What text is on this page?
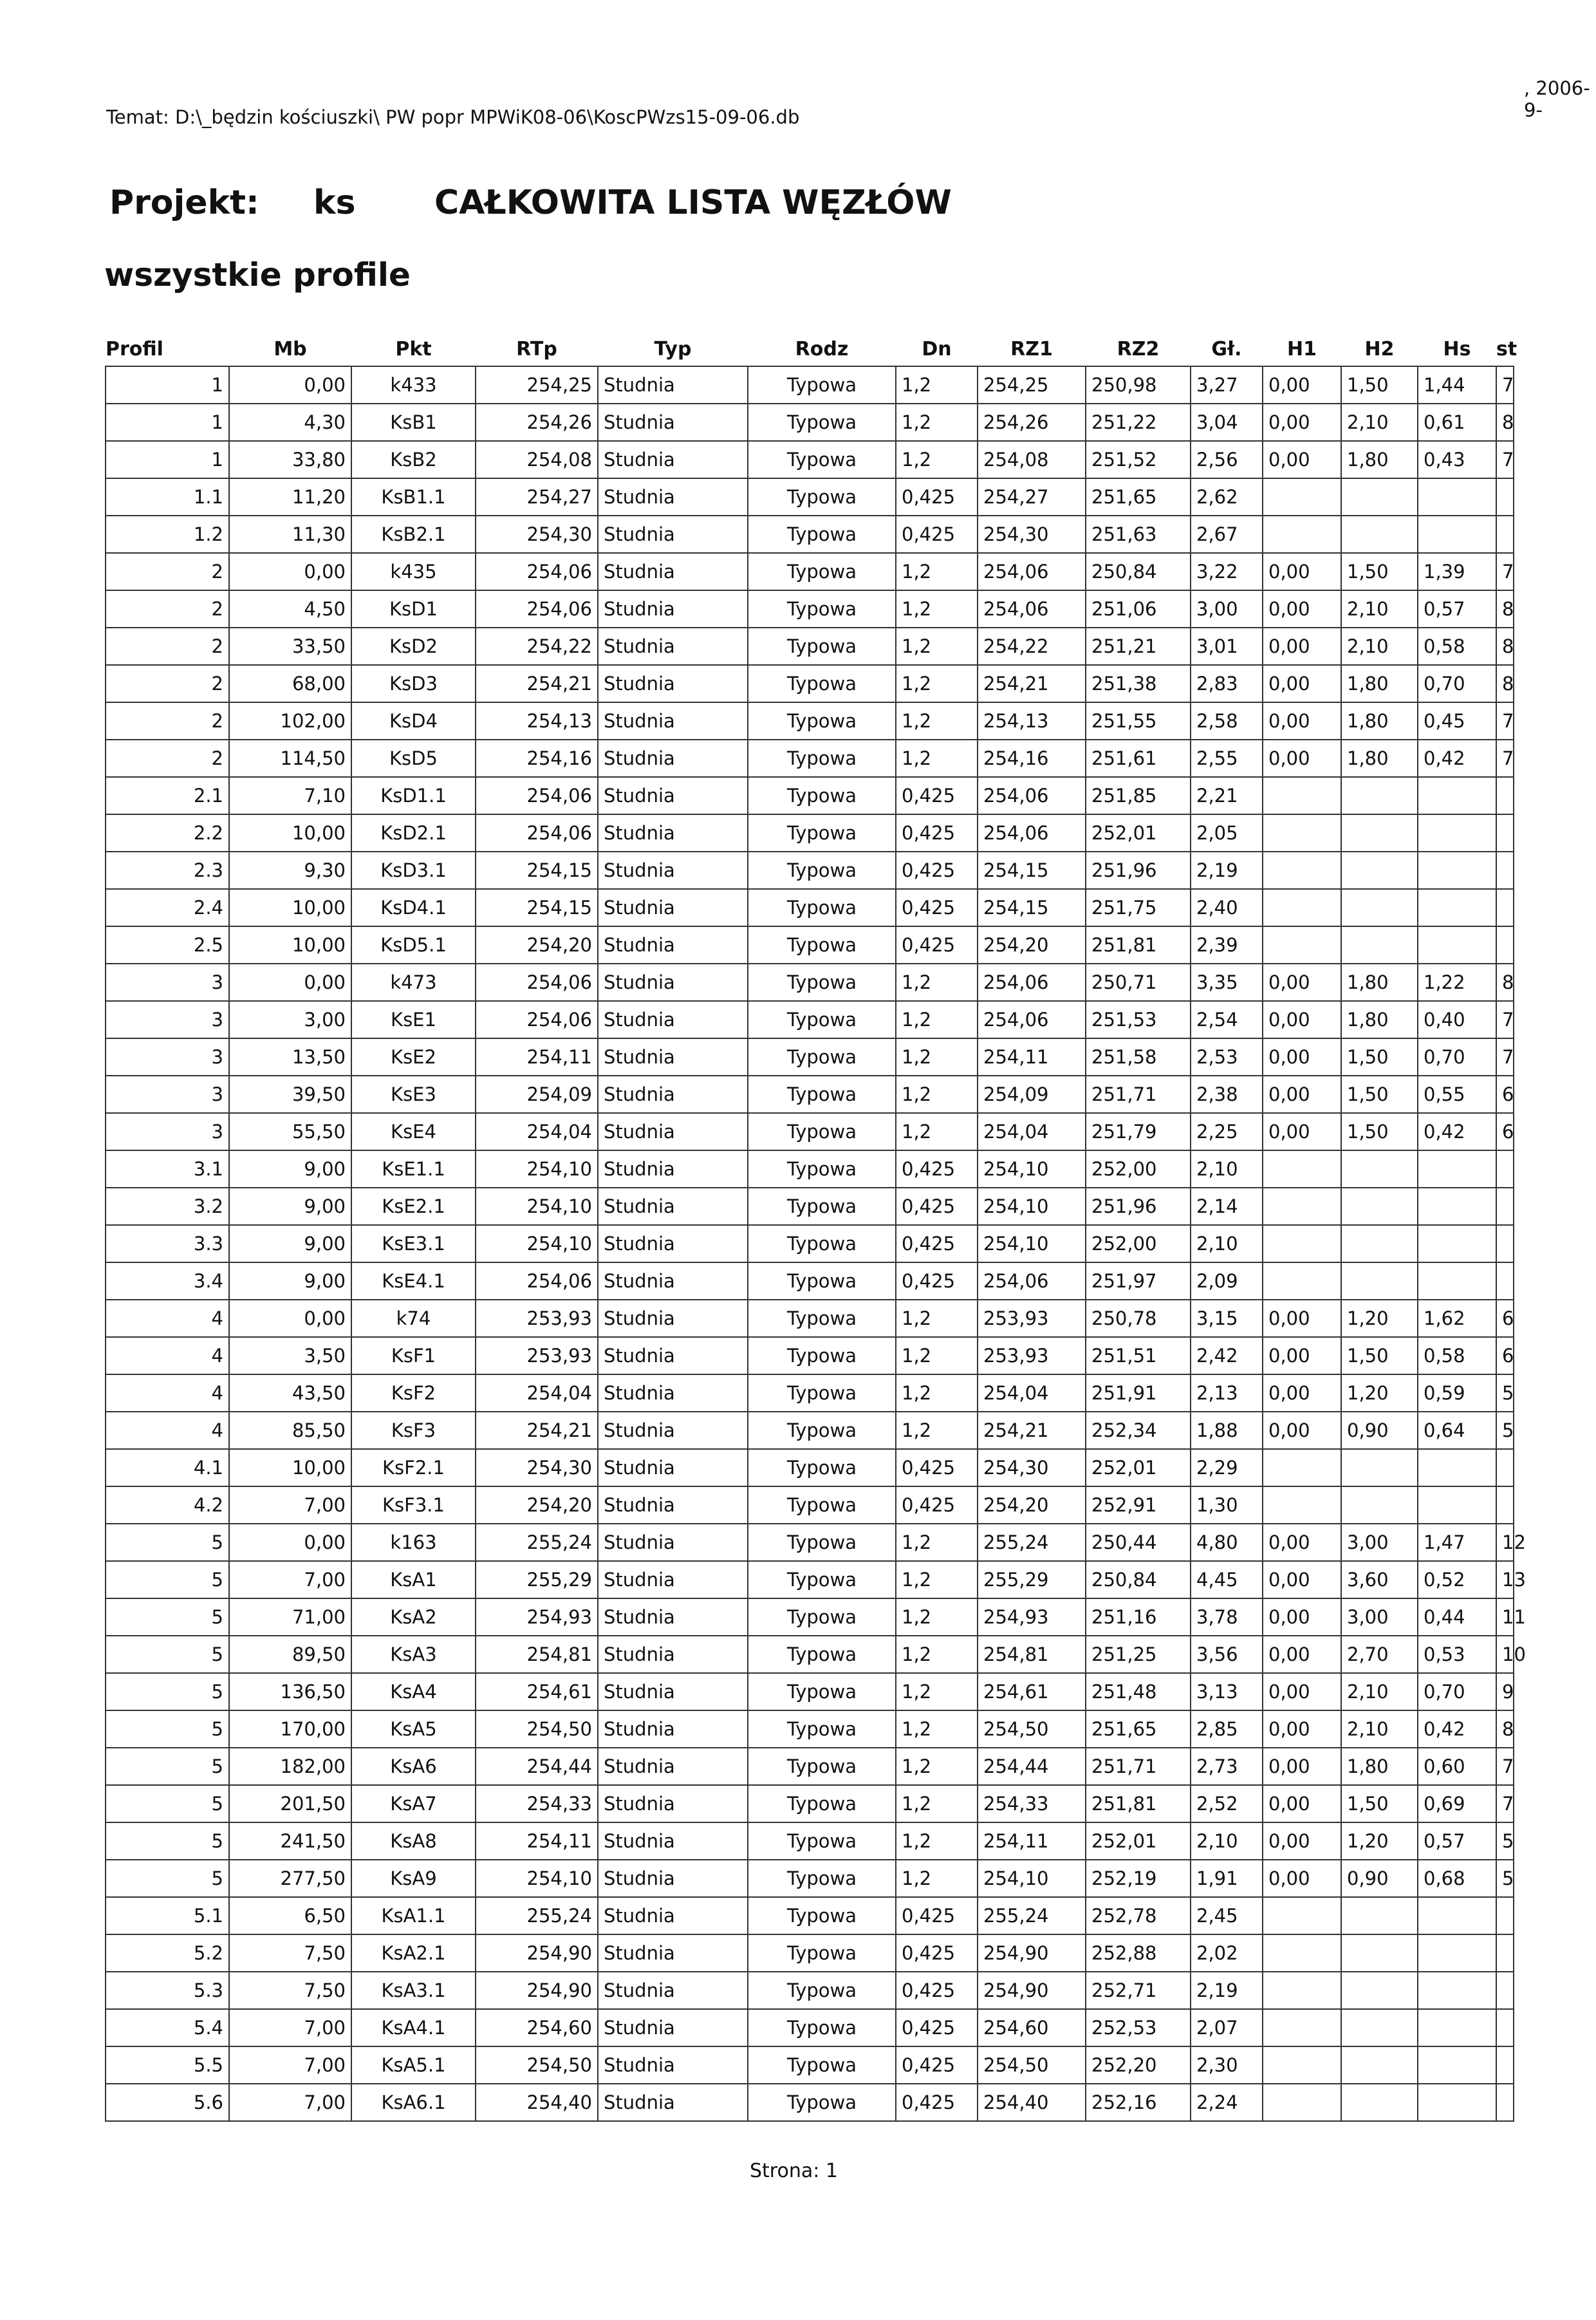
Temat: D:\_będzin kościuszki\ PW popr MPWiK08-06\KoscPWzs15-09-06.db
, 2006-9-
Projekt: ks CAŁKOWITA LISTA WĘZŁÓW
wszystkie profile
Profil	Mb	Pkt	RTp	Typ	Rodz	Dn	RZ1	RZ2	Gł.	H1	H2	Hs	st
1	0,00	k433	254,25	Studnia	Typowa	1,2	254,25	250,98	3,27	0,00	1,50	1,44	7
1	4,30	KsB1	254,26	Studnia	Typowa	1,2	254,26	251,22	3,04	0,00	2,10	0,61	8
1	33,80	KsB2	254,08	Studnia	Typowa	1,2	254,08	251,52	2,56	0,00	1,80	0,43	7
1.1	11,20	KsB1.1	254,27	Studnia	Typowa	0,425	254,27	251,65	2,62				
1.2	11,30	KsB2.1	254,30	Studnia	Typowa	0,425	254,30	251,63	2,67				
2	0,00	k435	254,06	Studnia	Typowa	1,2	254,06	250,84	3,22	0,00	1,50	1,39	7
2	4,50	KsD1	254,06	Studnia	Typowa	1,2	254,06	251,06	3,00	0,00	2,10	0,57	8
2	33,50	KsD2	254,22	Studnia	Typowa	1,2	254,22	251,21	3,01	0,00	2,10	0,58	8
2	68,00	KsD3	254,21	Studnia	Typowa	1,2	254,21	251,38	2,83	0,00	1,80	0,70	8
2	102,00	KsD4	254,13	Studnia	Typowa	1,2	254,13	251,55	2,58	0,00	1,80	0,45	7
2	114,50	KsD5	254,16	Studnia	Typowa	1,2	254,16	251,61	2,55	0,00	1,80	0,42	7
2.1	7,10	KsD1.1	254,06	Studnia	Typowa	0,425	254,06	251,85	2,21				
2.2	10,00	KsD2.1	254,06	Studnia	Typowa	0,425	254,06	252,01	2,05				
2.3	9,30	KsD3.1	254,15	Studnia	Typowa	0,425	254,15	251,96	2,19				
2.4	10,00	KsD4.1	254,15	Studnia	Typowa	0,425	254,15	251,75	2,40				
2.5	10,00	KsD5.1	254,20	Studnia	Typowa	0,425	254,20	251,81	2,39				
3	0,00	k473	254,06	Studnia	Typowa	1,2	254,06	250,71	3,35	0,00	1,80	1,22	8
3	3,00	KsE1	254,06	Studnia	Typowa	1,2	254,06	251,53	2,54	0,00	1,80	0,40	7
3	13,50	KsE2	254,11	Studnia	Typowa	1,2	254,11	251,58	2,53	0,00	1,50	0,70	7
3	39,50	KsE3	254,09	Studnia	Typowa	1,2	254,09	251,71	2,38	0,00	1,50	0,55	6
3	55,50	KsE4	254,04	Studnia	Typowa	1,2	254,04	251,79	2,25	0,00	1,50	0,42	6
3.1	9,00	KsE1.1	254,10	Studnia	Typowa	0,425	254,10	252,00	2,10				
3.2	9,00	KsE2.1	254,10	Studnia	Typowa	0,425	254,10	251,96	2,14				
3.3	9,00	KsE3.1	254,10	Studnia	Typowa	0,425	254,10	252,00	2,10				
3.4	9,00	KsE4.1	254,06	Studnia	Typowa	0,425	254,06	251,97	2,09				
4	0,00	k74	253,93	Studnia	Typowa	1,2	253,93	250,78	3,15	0,00	1,20	1,62	6
4	3,50	KsF1	253,93	Studnia	Typowa	1,2	253,93	251,51	2,42	0,00	1,50	0,58	6
4	43,50	KsF2	254,04	Studnia	Typowa	1,2	254,04	251,91	2,13	0,00	1,20	0,59	5
4	85,50	KsF3	254,21	Studnia	Typowa	1,2	254,21	252,34	1,88	0,00	0,90	0,64	5
4.1	10,00	KsF2.1	254,30	Studnia	Typowa	0,425	254,30	252,01	2,29				
4.2	7,00	KsF3.1	254,20	Studnia	Typowa	0,425	254,20	252,91	1,30				
5	0,00	k163	255,24	Studnia	Typowa	1,2	255,24	250,44	4,80	0,00	3,00	1,47	12
5	7,00	KsA1	255,29	Studnia	Typowa	1,2	255,29	250,84	4,45	0,00	3,60	0,52	13
5	71,00	KsA2	254,93	Studnia	Typowa	1,2	254,93	251,16	3,78	0,00	3,00	0,44	11
5	89,50	KsA3	254,81	Studnia	Typowa	1,2	254,81	251,25	3,56	0,00	2,70	0,53	10
5	136,50	KsA4	254,61	Studnia	Typowa	1,2	254,61	251,48	3,13	0,00	2,10	0,70	9
5	170,00	KsA5	254,50	Studnia	Typowa	1,2	254,50	251,65	2,85	0,00	2,10	0,42	8
5	182,00	KsA6	254,44	Studnia	Typowa	1,2	254,44	251,71	2,73	0,00	1,80	0,60	7
5	201,50	KsA7	254,33	Studnia	Typowa	1,2	254,33	251,81	2,52	0,00	1,50	0,69	7
5	241,50	KsA8	254,11	Studnia	Typowa	1,2	254,11	252,01	2,10	0,00	1,20	0,57	5
5	277,50	KsA9	254,10	Studnia	Typowa	1,2	254,10	252,19	1,91	0,00	0,90	0,68	5
5.1	6,50	KsA1.1	255,24	Studnia	Typowa	0,425	255,24	252,78	2,45				
5.2	7,50	KsA2.1	254,90	Studnia	Typowa	0,425	254,90	252,88	2,02				
5.3	7,50	KsA3.1	254,90	Studnia	Typowa	0,425	254,90	252,71	2,19				
5.4	7,00	KsA4.1	254,60	Studnia	Typowa	0,425	254,60	252,53	2,07				
5.5	7,00	KsA5.1	254,50	Studnia	Typowa	0,425	254,50	252,20	2,30				
5.6	7,00	KsA6.1	254,40	Studnia	Typowa	0,425	254,40	252,16	2,24				
Strona: 1
